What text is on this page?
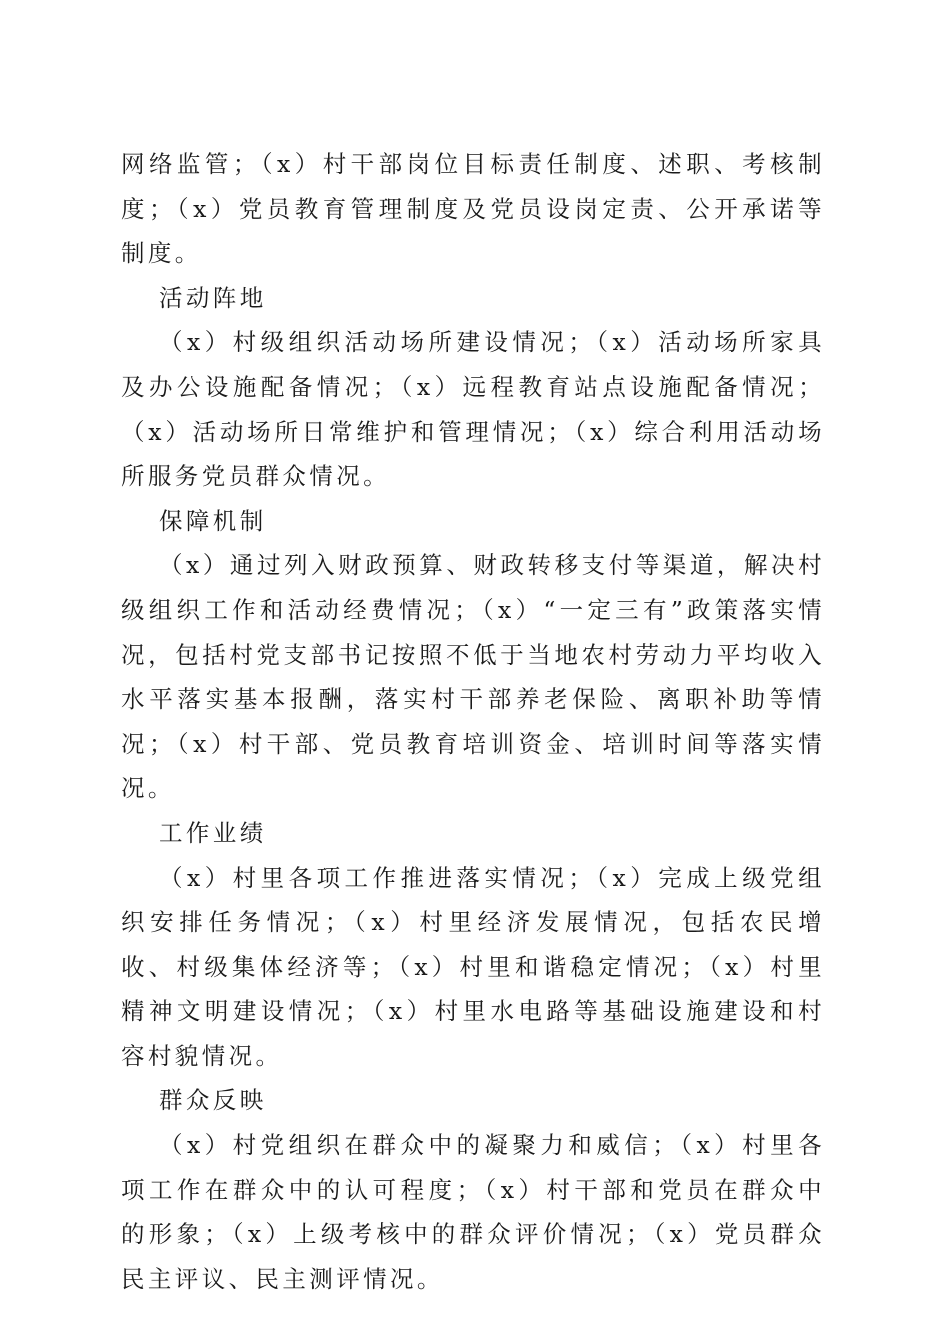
网络监管；（x）村干部岗位目标责任制度、述职、考核制度；（x）党员教育管理制度及党员设岗定责、公开承诺等制度。

活动阵地

（x）村级组织活动场所建设情况；（x）活动场所家具及办公设施配备情况；（x）远程教育站点设施配备情况；（x）活动场所日常维护和管理情况；（x）综合利用活动场所服务党员群众情况。

保障机制

（x）通过列入财政预算、财政转移支付等渠道，解决村级组织工作和活动经费情况；（x）“一定三有”政策落实情况，包括村党支部书记按照不低于当地农村劳动力平均收入水平落实基本报酬，落实村干部养老保险、离职补助等情况；（x）村干部、党员教育培训资金、培训时间等落实情况。

工作业绩

（x）村里各项工作推进落实情况；（x）完成上级党组织安排任务情况；（x）村里经济发展情况，包括农民增收、村级集体经济等；（x）村里和谐稳定情况；（x）村里精神文明建设情况；（x）村里水电路等基础设施建设和村容村貌情况。

群众反映

（x）村党组织在群众中的凝聚力和威信；（x）村里各项工作在群众中的认可程度；（x）村干部和党员在群众中的形象；（x）上级考核中的群众评价情况；（x）党员群众民主评议、民主测评情况。
